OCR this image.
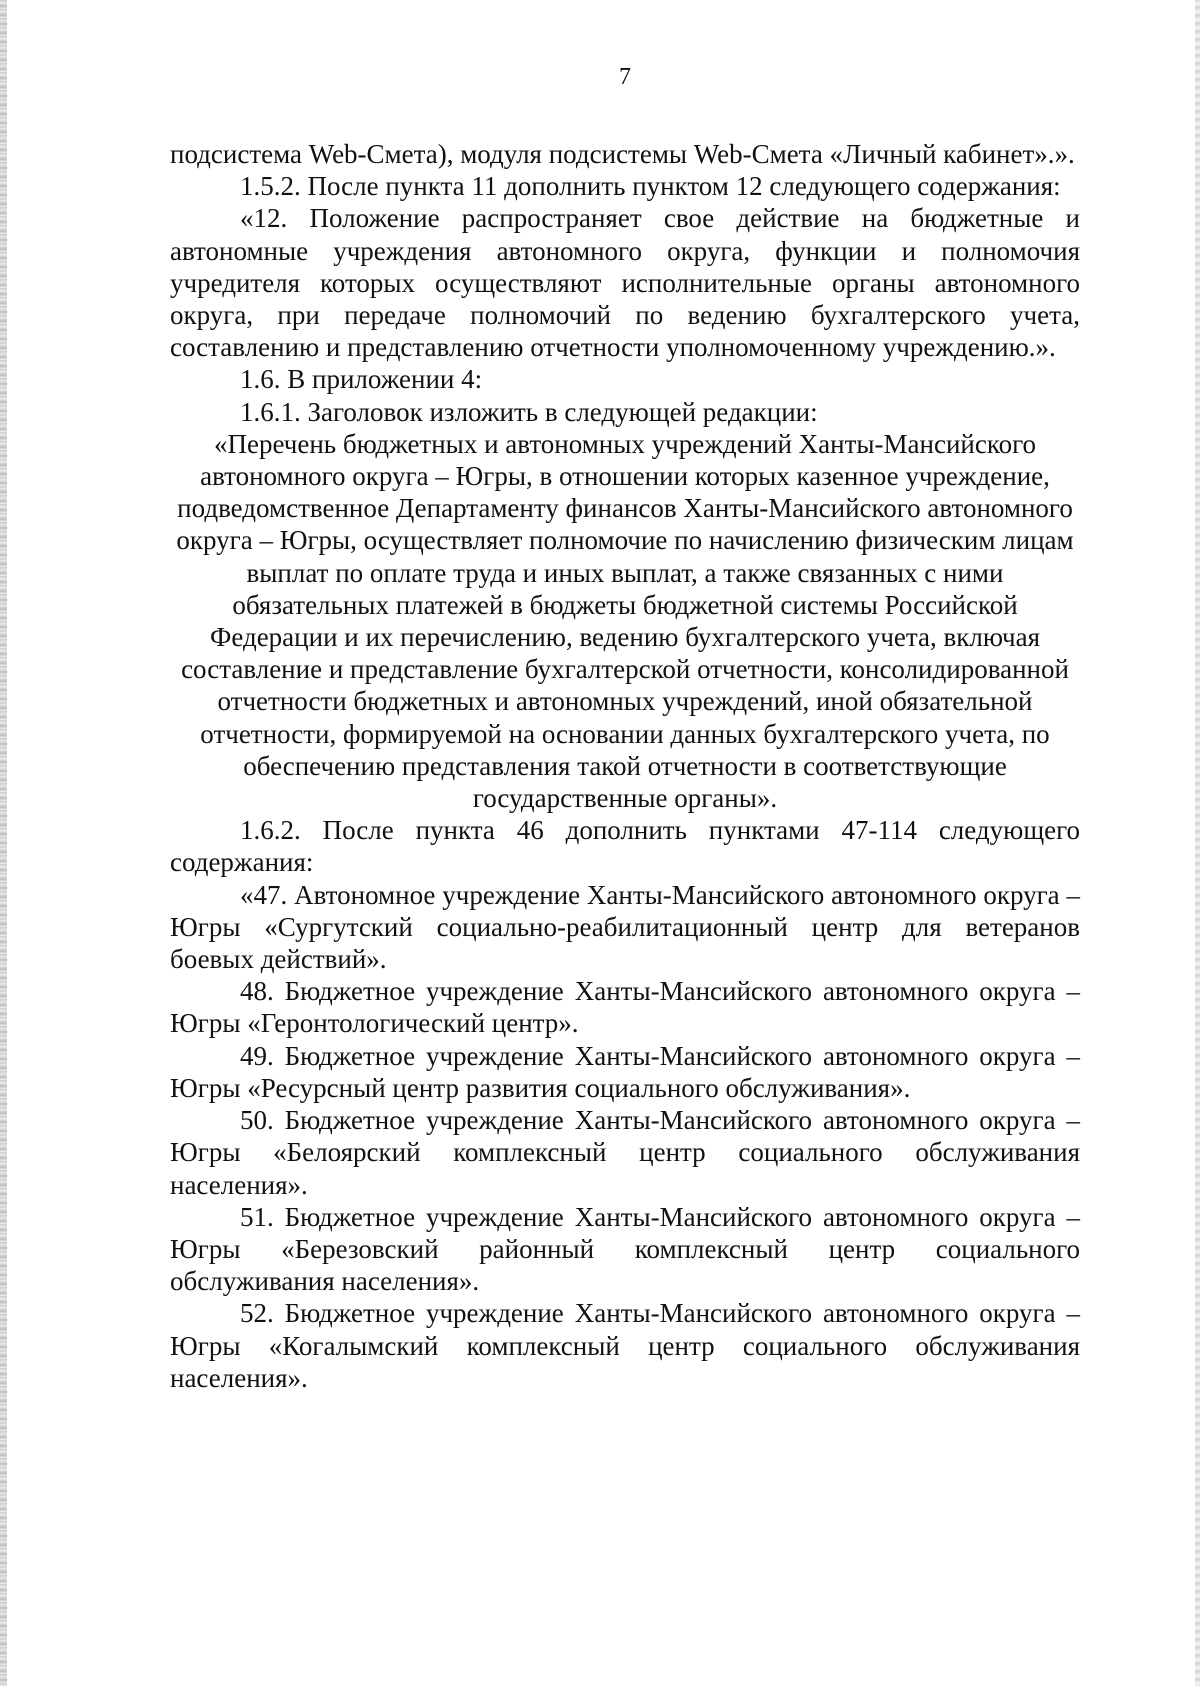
7

подсистема Web-Смета), модуля подсистемы Web-Смета «Личный кабинет».».

1.5.2. После пункта 11 дополнить пунктом 12 следующего содержания:

«12. Положение распространяет свое действие на бюджетные и автономные учреждения автономного округа, функции и полномочия учредителя которых осуществляют исполнительные органы автономного округа, при передаче полномочий по ведению бухгалтерского учета, составлению и представлению отчетности уполномоченному учреждению.».

1.6. В приложении 4:

1.6.1. Заголовок изложить в следующей редакции:

«Перечень бюджетных и автономных учреждений Ханты-Мансийского автономного округа – Югры, в отношении которых казенное учреждение, подведомственное Департаменту финансов Ханты-Мансийского автономного округа – Югры, осуществляет полномочие по начислению физическим лицам выплат по оплате труда и иных выплат, а также связанных с ними обязательных платежей в бюджеты бюджетной системы Российской Федерации и их перечислению, ведению бухгалтерского учета, включая составление и представление бухгалтерской отчетности, консолидированной отчетности бюджетных и автономных учреждений, иной обязательной отчетности, формируемой на основании данных бухгалтерского учета, по обеспечению представления такой отчетности в соответствующие государственные органы».

1.6.2. После пункта 46 дополнить пунктами 47-114 следующего содержания:

«47. Автономное учреждение Ханты-Мансийского автономного округа – Югры «Сургутский социально-реабилитационный центр для ветеранов боевых действий».

48. Бюджетное учреждение Ханты-Мансийского автономного округа – Югры «Геронтологический центр».

49. Бюджетное учреждение Ханты-Мансийского автономного округа – Югры «Ресурсный центр развития социального обслуживания».

50. Бюджетное учреждение Ханты-Мансийского автономного округа – Югры «Белоярский комплексный центр социального обслуживания населения».

51. Бюджетное учреждение Ханты-Мансийского автономного округа – Югры «Березовский районный комплексный центр социального обслуживания населения».

52. Бюджетное учреждение Ханты-Мансийского автономного округа – Югры «Когалымский комплексный центр социального обслуживания населения».
